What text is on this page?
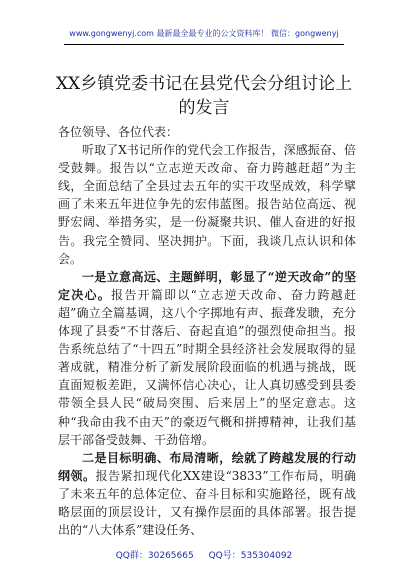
www.gongwenyj.com 最新最全最专业的公文资料库！ 微信：gongwenyj
XX乡镇党委书记在县党代会分组讨论上的发言

各位领导、各位代表：

听取了X书记所作的党代会工作报告，深感振奋、倍受鼓舞。报告以“立志逆天改命、奋力跨越赶超”为主线，全面总结了全县过去五年的实干攻坚成效，科学擘画了未来五年进位争先的宏伟蓝图。报告站位高远、视野宏阔、举措务实，是一份凝聚共识、催人奋进的好报告。我完全赞同、坚决拥护。下面，我谈几点认识和体会。

一是立意高远、主题鲜明，彰显了“逆天改命”的坚定决心。报告开篇即以“立志逆天改命、奋力跨越赶超”确立全篇基调，这八个字掷地有声、振聋发聩，充分体现了县委“不甘落后、奋起直追”的强烈使命担当。报告系统总结了“十四五”时期全县经济社会发展取得的显著成就，精准分析了新发展阶段面临的机遇与挑战，既直面短板差距，又满怀信心决心，让人真切感受到县委带领全县人民“破局突围、后来居上”的坚定意志。这种“我命由我不由天”的豪迈气概和拼搏精神，让我们基层干部备受鼓舞、干劲倍增。

二是目标明确、布局清晰，绘就了跨越发展的行动纲领。报告紧扣现代化XX建设“3833”工作布局，明确了未来五年的总体定位、奋斗目标和实施路径，既有战略层面的顶层设计，又有操作层面的具体部署。报告提出的“八大体系”建设任务、

QQ群：30265665 QQ号：535304092
